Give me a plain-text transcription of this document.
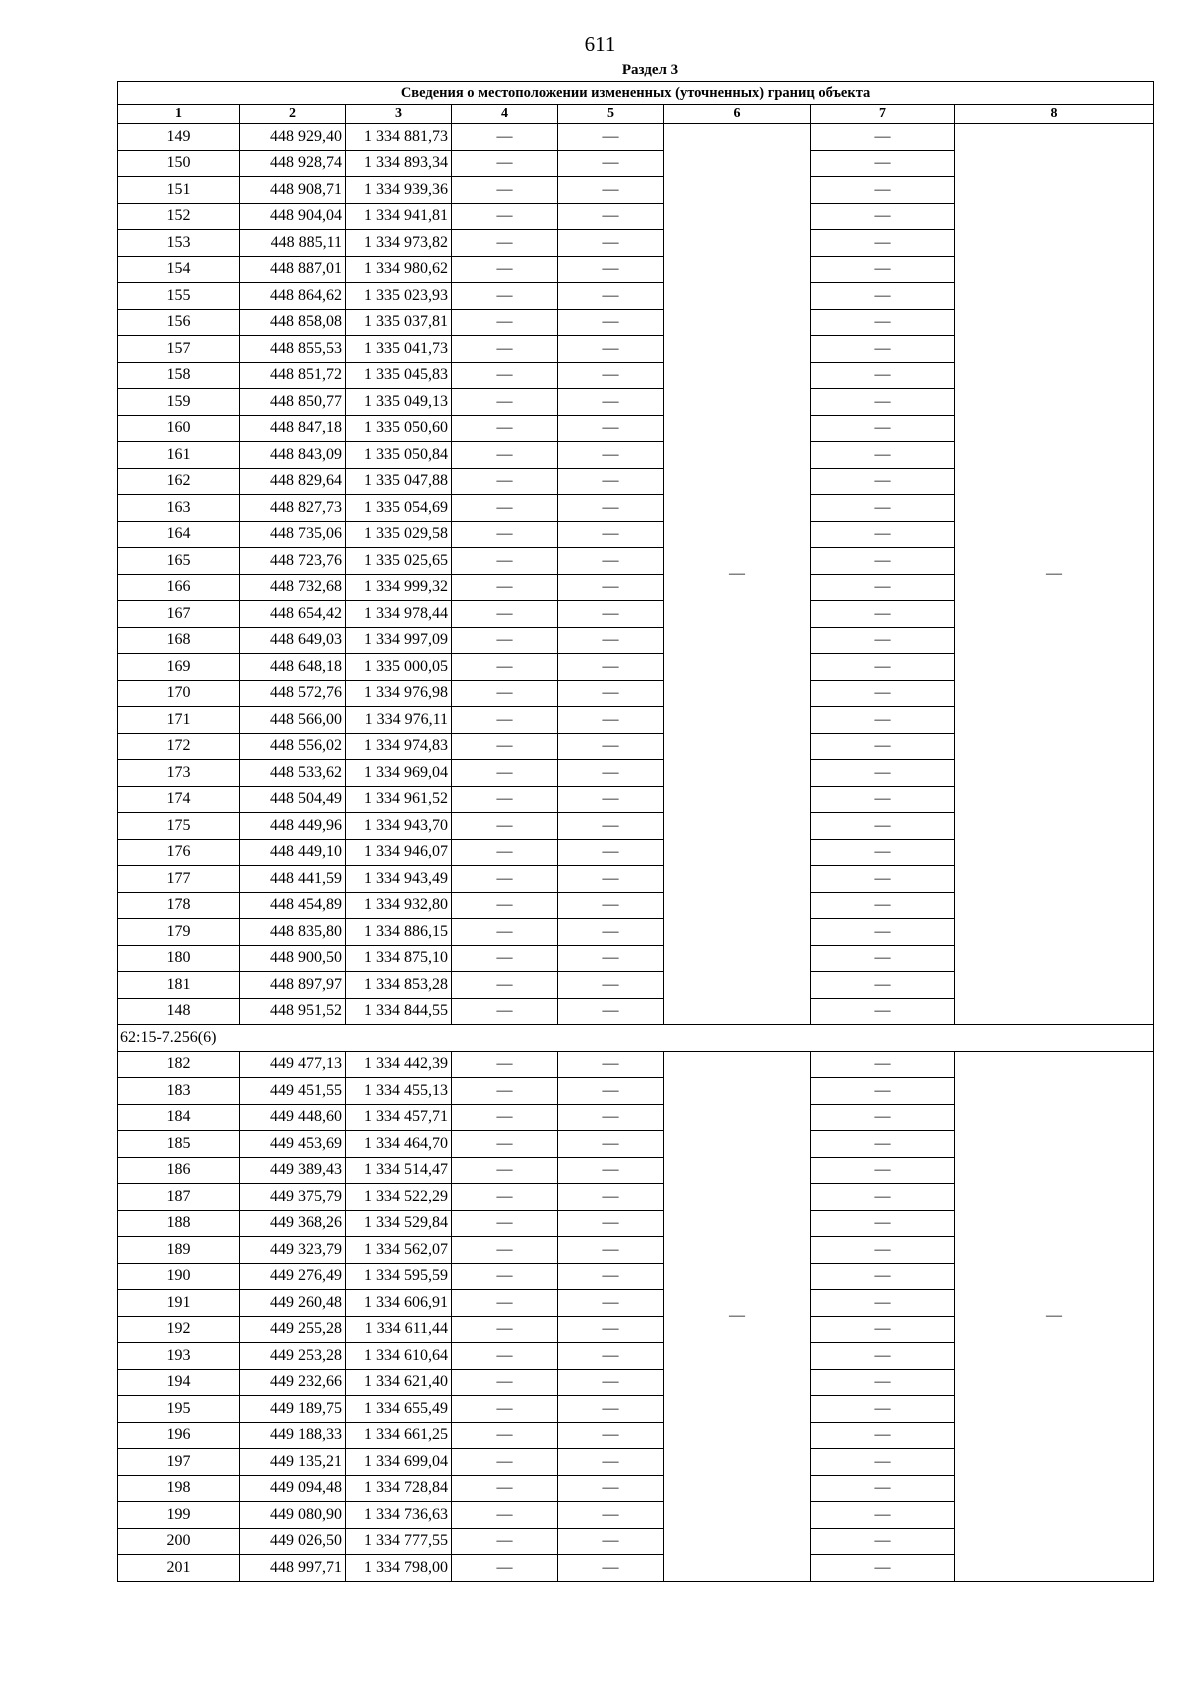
611
Раздел 3
Сведения о местоположении измененных (уточненных) границ объекта							
1	2	3	4	5	6	7	8
149	448 929,40	1 334 881,73	—	—	—	—	—
150	448 928,74	1 334 893,34	—	—		—	
151	448 908,71	1 334 939,36	—	—		—	
152	448 904,04	1 334 941,81	—	—		—	
153	448 885,11	1 334 973,82	—	—		—	
154	448 887,01	1 334 980,62	—	—		—	
155	448 864,62	1 335 023,93	—	—		—	
156	448 858,08	1 335 037,81	—	—		—	
157	448 855,53	1 335 041,73	—	—		—	
158	448 851,72	1 335 045,83	—	—		—	
159	448 850,77	1 335 049,13	—	—		—	
160	448 847,18	1 335 050,60	—	—		—	
161	448 843,09	1 335 050,84	—	—		—	
162	448 829,64	1 335 047,88	—	—		—	
163	448 827,73	1 335 054,69	—	—		—	
164	448 735,06	1 335 029,58	—	—		—	
165	448 723,76	1 335 025,65	—	—		—	
166	448 732,68	1 334 999,32	—	—		—	
167	448 654,42	1 334 978,44	—	—		—	
168	448 649,03	1 334 997,09	—	—		—	
169	448 648,18	1 335 000,05	—	—		—	
170	448 572,76	1 334 976,98	—	—		—	
171	448 566,00	1 334 976,11	—	—		—	
172	448 556,02	1 334 974,83	—	—		—	
173	448 533,62	1 334 969,04	—	—		—	
174	448 504,49	1 334 961,52	—	—		—	
175	448 449,96	1 334 943,70	—	—		—	
176	448 449,10	1 334 946,07	—	—		—	
177	448 441,59	1 334 943,49	—	—		—	
178	448 454,89	1 334 932,80	—	—		—	
179	448 835,80	1 334 886,15	—	—		—	
180	448 900,50	1 334 875,10	—	—		—	
181	448 897,97	1 334 853,28	—	—		—	
148	448 951,52	1 334 844,55	—	—		—	
62:15-7.256(6)							
182	449 477,13	1 334 442,39	—	—	—	—	—
183	449 451,55	1 334 455,13	—	—		—	
184	449 448,60	1 334 457,71	—	—		—	
185	449 453,69	1 334 464,70	—	—		—	
186	449 389,43	1 334 514,47	—	—		—	
187	449 375,79	1 334 522,29	—	—		—	
188	449 368,26	1 334 529,84	—	—		—	
189	449 323,79	1 334 562,07	—	—		—	
190	449 276,49	1 334 595,59	—	—		—	
191	449 260,48	1 334 606,91	—	—		—	
192	449 255,28	1 334 611,44	—	—		—	
193	449 253,28	1 334 610,64	—	—		—	
194	449 232,66	1 334 621,40	—	—		—	
195	449 189,75	1 334 655,49	—	—		—	
196	449 188,33	1 334 661,25	—	—		—	
197	449 135,21	1 334 699,04	—	—		—	
198	449 094,48	1 334 728,84	—	—		—	
199	449 080,90	1 334 736,63	—	—		—	
200	449 026,50	1 334 777,55	—	—		—	
201	448 997,71	1 334 798,00	—	—		—	
